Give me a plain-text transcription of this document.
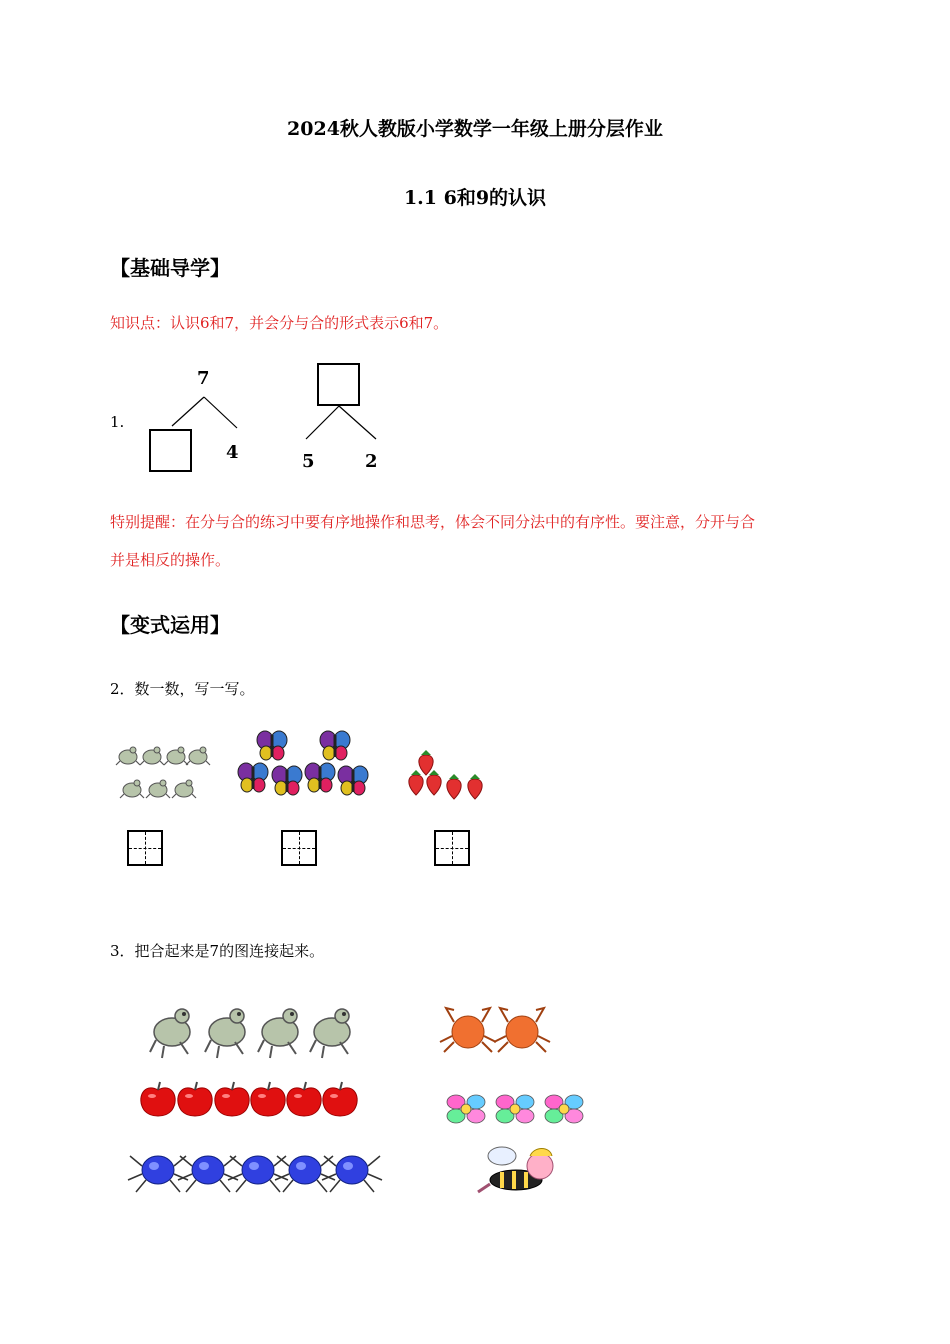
2024秋人教版小学数学一年级上册分层作业
1.1 6和9的认识
【基础导学】
知识点：认识6和7，并会分与合的形式表示6和7。
1.
7
4	5	2
特别提醒：在分与合的练习中要有序地操作和思考，体会不同分法中的有序性。要注意，分开与合
并是相反的操作。
【变式运用】
2．数一数，写一写。
3．把合起来是7的图连接起来。
